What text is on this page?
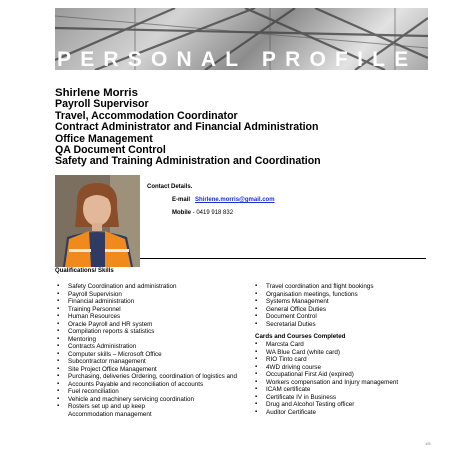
PERSONAL PROFILE
Shirlene Morris
Payroll Supervisor
Travel, Accommodation Coordinator
Contract Administrator and Financial Administration
Office Management
QA Document Control
Safety and Training Administration and Coordination
Contact Details.
E-mail Shirlene.morris@gmail.com
Mobile - 0419 918 832
Qualifications/ Skills
▪ Safety Coordination and administration
▪ Payroll Supervision
▪ Financial administration
▪ Training Personnel
▪ Human Resources
▪ Oracle Payroll and HR system
▪ Compilation reports & statistics
▪ Mentoring
▪ Contracts Administration
▪ Computer skills – Microsoft Office
▪ Subcontractor management
▪ Site Project Office Management
▪ Purchasing, deliveries Ordering, coordination of logistics and
▪ Accounts Payable and reconciliation of accounts
▪ Fuel reconciliation
▪ Vehicle and machinery servicing coordination
▪ Rosters set up and up keep
Accommodation management
▪ Travel coordination and flight bookings
▪ Organisation meetings, functions
▪ Systems Management
▪ General Office Duties
▪ Document Control
▪ Secretarial Duties
Cards and Courses Completed
▪ Marcsta Card
▪ WA Blue Card (white card)
▪ RIO Tinto card
▪ 4WD driving course
▪ Occupational First Aid (expired)
▪ Workers compensation and Injury management
▪ ICAM certificate
▪ Certificate IV in Business
▪ Drug and Alcohol Testing officer
▪ Auditor Certificate
1/5
